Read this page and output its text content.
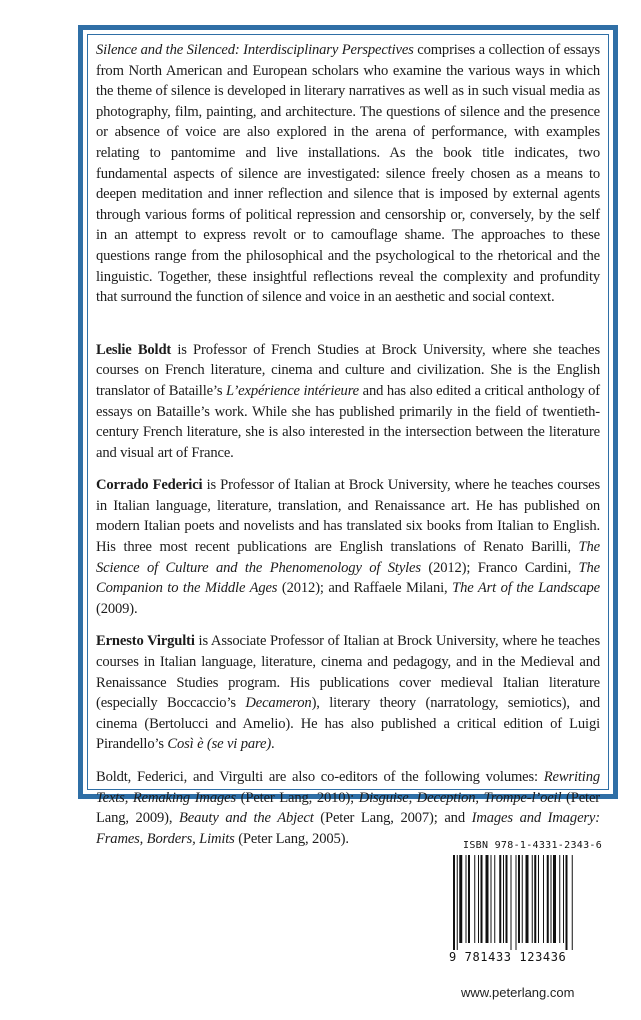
Silence and the Silenced: Interdisciplinary Perspectives comprises a collection of essays from North American and European scholars who examine the various ways in which the theme of silence is developed in literary narratives as well as in such visual media as photography, film, painting, and architecture. The questions of silence and the presence or absence of voice are also explored in the arena of performance, with examples relating to pantomime and live installations. As the book title indicates, two fundamental aspects of silence are investigated: silence freely chosen as a means to deepen meditation and inner reflection and silence that is imposed by external agents through various forms of political repression and censorship or, conversely, by the self in an attempt to express revolt or to camouflage shame. The approaches to these questions range from the philosophical and the psychological to the rhetorical and the linguistic. Together, these insightful reflections reveal the complexity and profundity that surround the function of silence and voice in an aesthetic and social context.

Leslie Boldt is Professor of French Studies at Brock University, where she teaches courses on French literature, cinema and culture and civilization. She is the English translator of Bataille’s L’expérience intérieure and has also edited a critical anthology of essays on Bataille’s work. While she has published primarily in the field of twentieth-century French literature, she is also interested in the intersection between the literature and visual art of France.

Corrado Federici is Professor of Italian at Brock University, where he teaches courses in Italian language, literature, translation, and Renaissance art. He has published on modern Italian poets and novelists and has translated six books from Italian to English. His three most recent publications are English translations of Renato Barilli, The Science of Culture and the Phenomenology of Styles (2012); Franco Cardini, The Companion to the Middle Ages (2012); and Raffaele Milani, The Art of the Landscape (2009).

Ernesto Virgulti is Associate Professor of Italian at Brock University, where he teaches courses in Italian language, literature, cinema and pedagogy, and in the Medieval and Renaissance Studies program. His publications cover medieval Italian literature (especially Boccaccio’s Decameron), literary theory (narratology, semiotics), and cinema (Bertolucci and Amelio). He has also published a critical edition of Luigi Pirandello’s Così è (se vi pare).

Boldt, Federici, and Virgulti are also co-editors of the following volumes: Rewriting Texts, Remaking Images (Peter Lang, 2010); Disguise, Deception, Trompe-l’oeil (Peter Lang, 2009), Beauty and the Abject (Peter Lang, 2007); and Images and Imagery: Frames, Borders, Limits (Peter Lang, 2005).	ISBN 978-1-4331-2343-6
9 781433 123436
www.peterlang.com
